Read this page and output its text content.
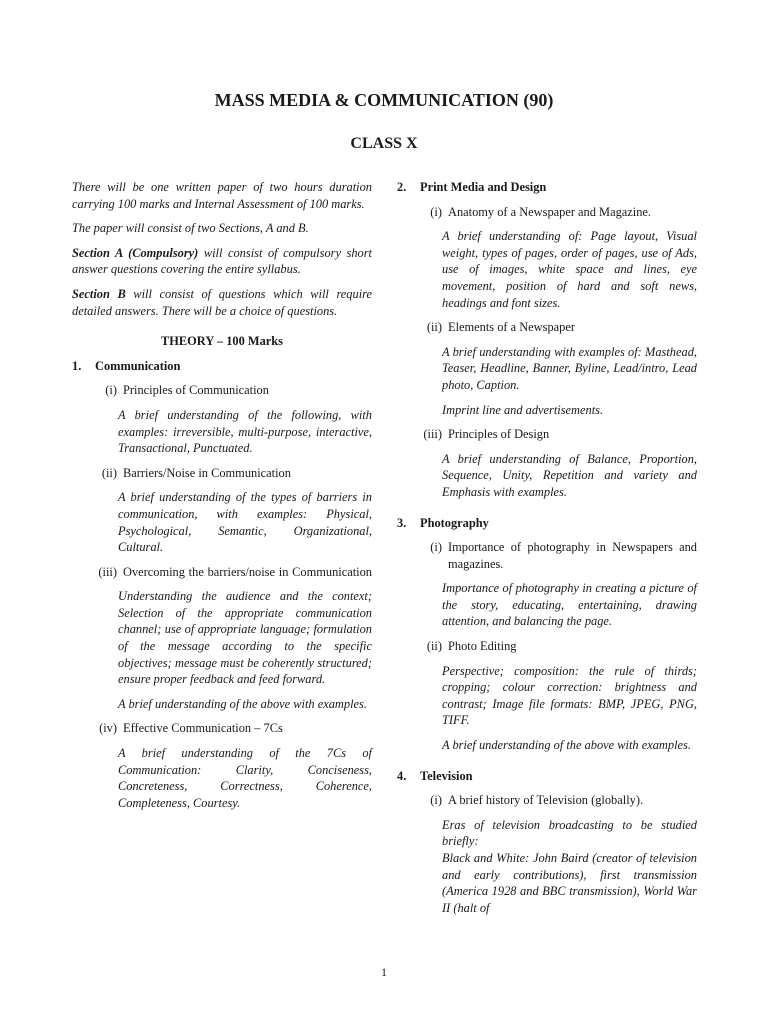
MASS MEDIA & COMMUNICATION (90)
CLASS X

There will be one written paper of two hours duration carrying 100 marks and Internal Assessment of 100 marks.

The paper will consist of two Sections, A and B.

Section A (Compulsory) will consist of compulsory short answer questions covering the entire syllabus.

Section B will consist of questions which will require detailed answers. There will be a choice of questions.

THEORY – 100 Marks
1.	Communication
(i) Principles of Communication

A brief understanding of the following, with examples: irreversible, multi-purpose, interactive, Transactional, Punctuated.

(ii) Barriers/Noise in Communication

A brief understanding of the types of barriers in communication, with examples: Physical, Psychological, Semantic, Organizational, Cultural.

(iii) Overcoming the barriers/noise in Communication

Understanding the audience and the context; Selection of the appropriate communication channel; use of appropriate language; formulation of the message according to the specific objectives; message must be coherently structured; ensure proper feedback and feed forward.

A brief understanding of the above with examples.

(iv) Effective Communication – 7Cs

A brief understanding of the 7Cs of Communication: Clarity, Conciseness, Concreteness, Correctness, Coherence, Completeness, Courtesy.

2.	Print Media and Design
(i) Anatomy of a Newspaper and Magazine.

A brief understanding of: Page layout, Visual weight, types of pages, order of pages, use of Ads, use of images, white space and lines, eye movement, position of hard and soft news, headings and font sizes.

(ii) Elements of a Newspaper

A brief understanding with examples of: Masthead, Teaser, Headline, Banner, Byline, Lead/intro, Lead photo, Caption.

Imprint line and advertisements.

(iii) Principles of Design

A brief understanding of Balance, Proportion, Sequence, Unity, Repetition and variety and Emphasis with examples.

3.	Photography
(i) Importance of photography in Newspapers and magazines.

Importance of photography in creating a picture of the story, educating, entertaining, drawing attention, and balancing the page.

(ii) Photo Editing

Perspective; composition: the rule of thirds; cropping; colour correction: brightness and contrast; Image file formats: BMP, JPEG, PNG, TIFF.

A brief understanding of the above with examples.

4.	Television
(i) A brief history of Television (globally).

Eras of television broadcasting to be studied briefly:

Black and White: John Baird (creator of television and early contributions), first transmission (America 1928 and BBC transmission), World War II (halt of

1
